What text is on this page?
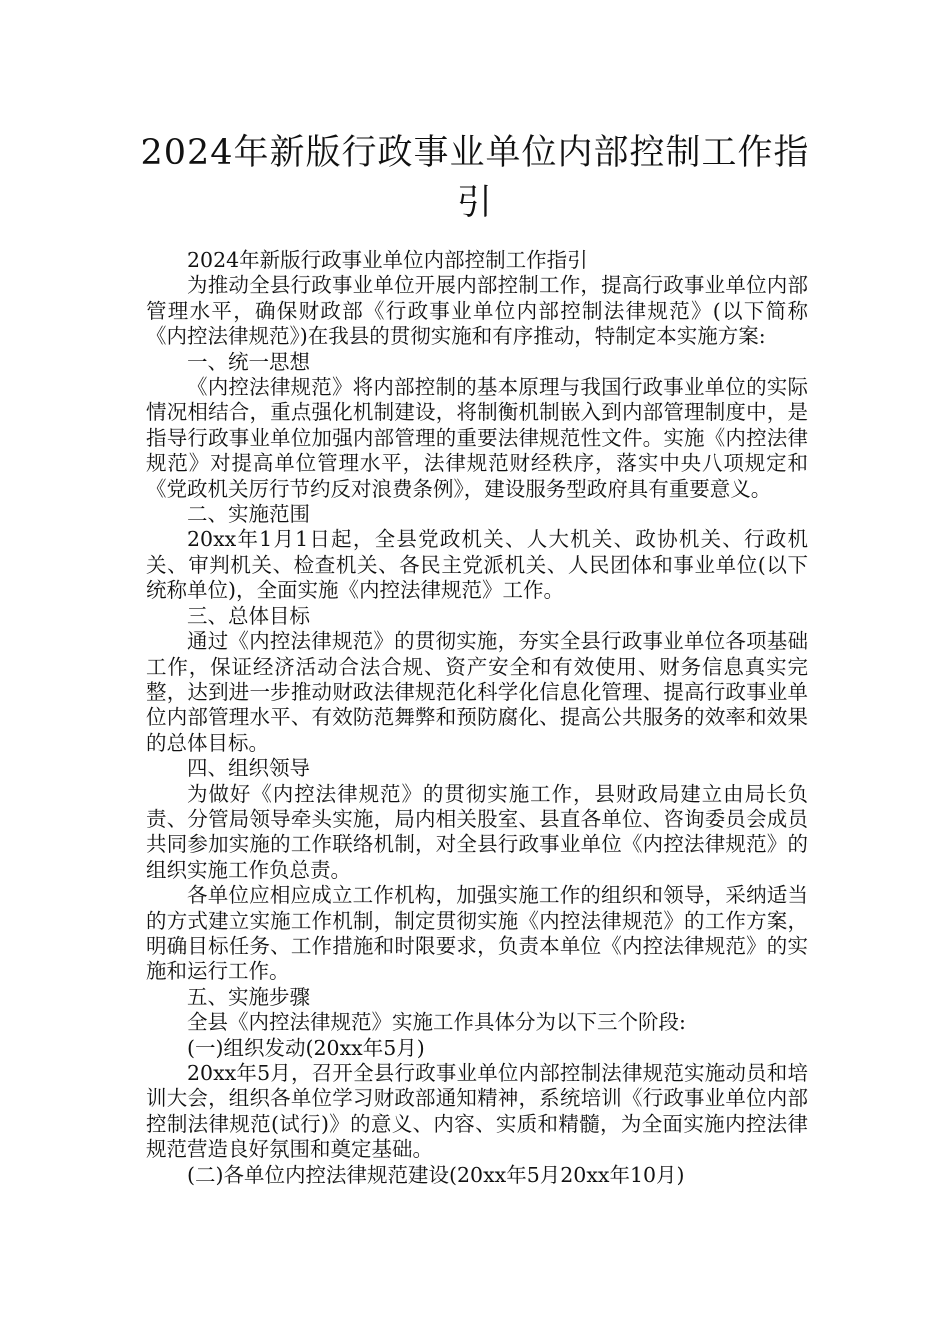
2024年新版行政事业单位内部控制工作指引

2024年新版行政事业单位内部控制工作指引

为推动全县行政事业单位开展内部控制工作，提高行政事业单位内部管理水平，确保财政部《行政事业单位内部控制法律规范》(以下简称《内控法律规范》)在我县的贯彻实施和有序推动，特制定本实施方案:

一、统一思想

《内控法律规范》将内部控制的基本原理与我国行政事业单位的实际情况相结合，重点强化机制建设，将制衡机制嵌入到内部管理制度中，是指导行政事业单位加强内部管理的重要法律规范性文件。实施《内控法律规范》对提高单位管理水平，法律规范财经秩序，落实中央八项规定和《党政机关厉行节约反对浪费条例》，建设服务型政府具有重要意义。

二、实施范围

20xx年1月1日起，全县党政机关、人大机关、政协机关、行政机关、审判机关、检查机关、各民主党派机关、人民团体和事业单位(以下统称单位)，全面实施《内控法律规范》工作。

三、总体目标

通过《内控法律规范》的贯彻实施，夯实全县行政事业单位各项基础工作，保证经济活动合法合规、资产安全和有效使用、财务信息真实完整，达到进一步推动财政法律规范化科学化信息化管理、提高行政事业单位内部管理水平、有效防范舞弊和预防腐化、提高公共服务的效率和效果的总体目标。

四、组织领导

为做好《内控法律规范》的贯彻实施工作，县财政局建立由局长负责、分管局领导牵头实施，局内相关股室、县直各单位、咨询委员会成员共同参加实施的工作联络机制，对全县行政事业单位《内控法律规范》的组织实施工作负总责。

各单位应相应成立工作机构，加强实施工作的组织和领导，采纳适当的方式建立实施工作机制，制定贯彻实施《内控法律规范》的工作方案，明确目标任务、工作措施和时限要求，负责本单位《内控法律规范》的实施和运行工作。

五、实施步骤

全县《内控法律规范》实施工作具体分为以下三个阶段:

(一)组织发动(20xx年5月)

20xx年5月，召开全县行政事业单位内部控制法律规范实施动员和培训大会，组织各单位学习财政部通知精神，系统培训《行政事业单位内部控制法律规范(试行)》的意义、内容、实质和精髓，为全面实施内控法律规范营造良好氛围和奠定基础。

(二)各单位内控法律规范建设(20xx年5月20xx年10月)
